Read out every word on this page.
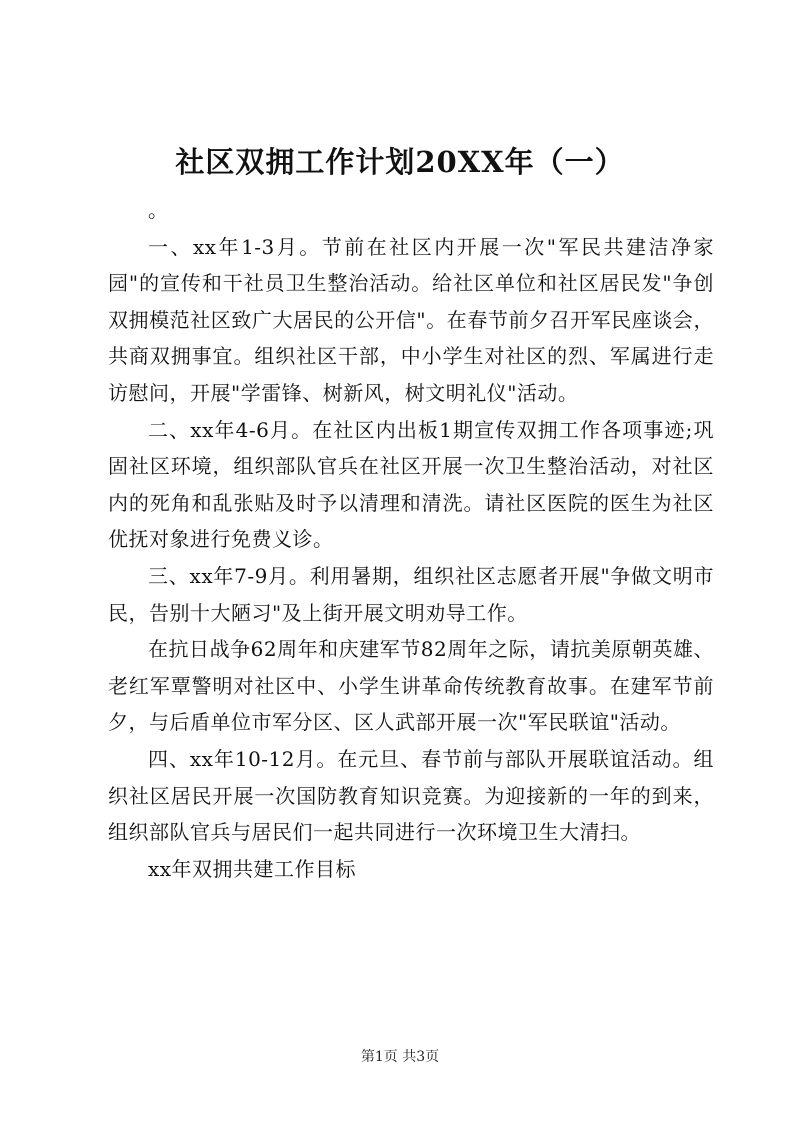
社区双拥工作计划20XX年（一）

。

一、xx年1-3月。节前在社区内开展一次"军民共建洁净家园"的宣传和干社员卫生整治活动。给社区单位和社区居民发"争创双拥模范社区致广大居民的公开信"。在春节前夕召开军民座谈会，共商双拥事宜。组织社区干部，中小学生对社区的烈、军属进行走访慰问，开展"学雷锋、树新风，树文明礼仪"活动。

二、xx年4-6月。在社区内出板1期宣传双拥工作各项事迹;巩固社区环境，组织部队官兵在社区开展一次卫生整治活动，对社区内的死角和乱张贴及时予以清理和清洗。请社区医院的医生为社区优抚对象进行免费义诊。

三、xx年7-9月。利用暑期，组织社区志愿者开展"争做文明市民，告别十大陋习"及上街开展文明劝导工作。

在抗日战争62周年和庆建军节82周年之际，请抗美原朝英雄、老红军覃警明对社区中、小学生讲革命传统教育故事。在建军节前夕，与后盾单位市军分区、区人武部开展一次"军民联谊"活动。

四、xx年10-12月。在元旦、春节前与部队开展联谊活动。组织社区居民开展一次国防教育知识竞赛。为迎接新的一年的到来，组织部队官兵与居民们一起共同进行一次环境卫生大清扫。

xx年双拥共建工作目标

第1页 共3页
